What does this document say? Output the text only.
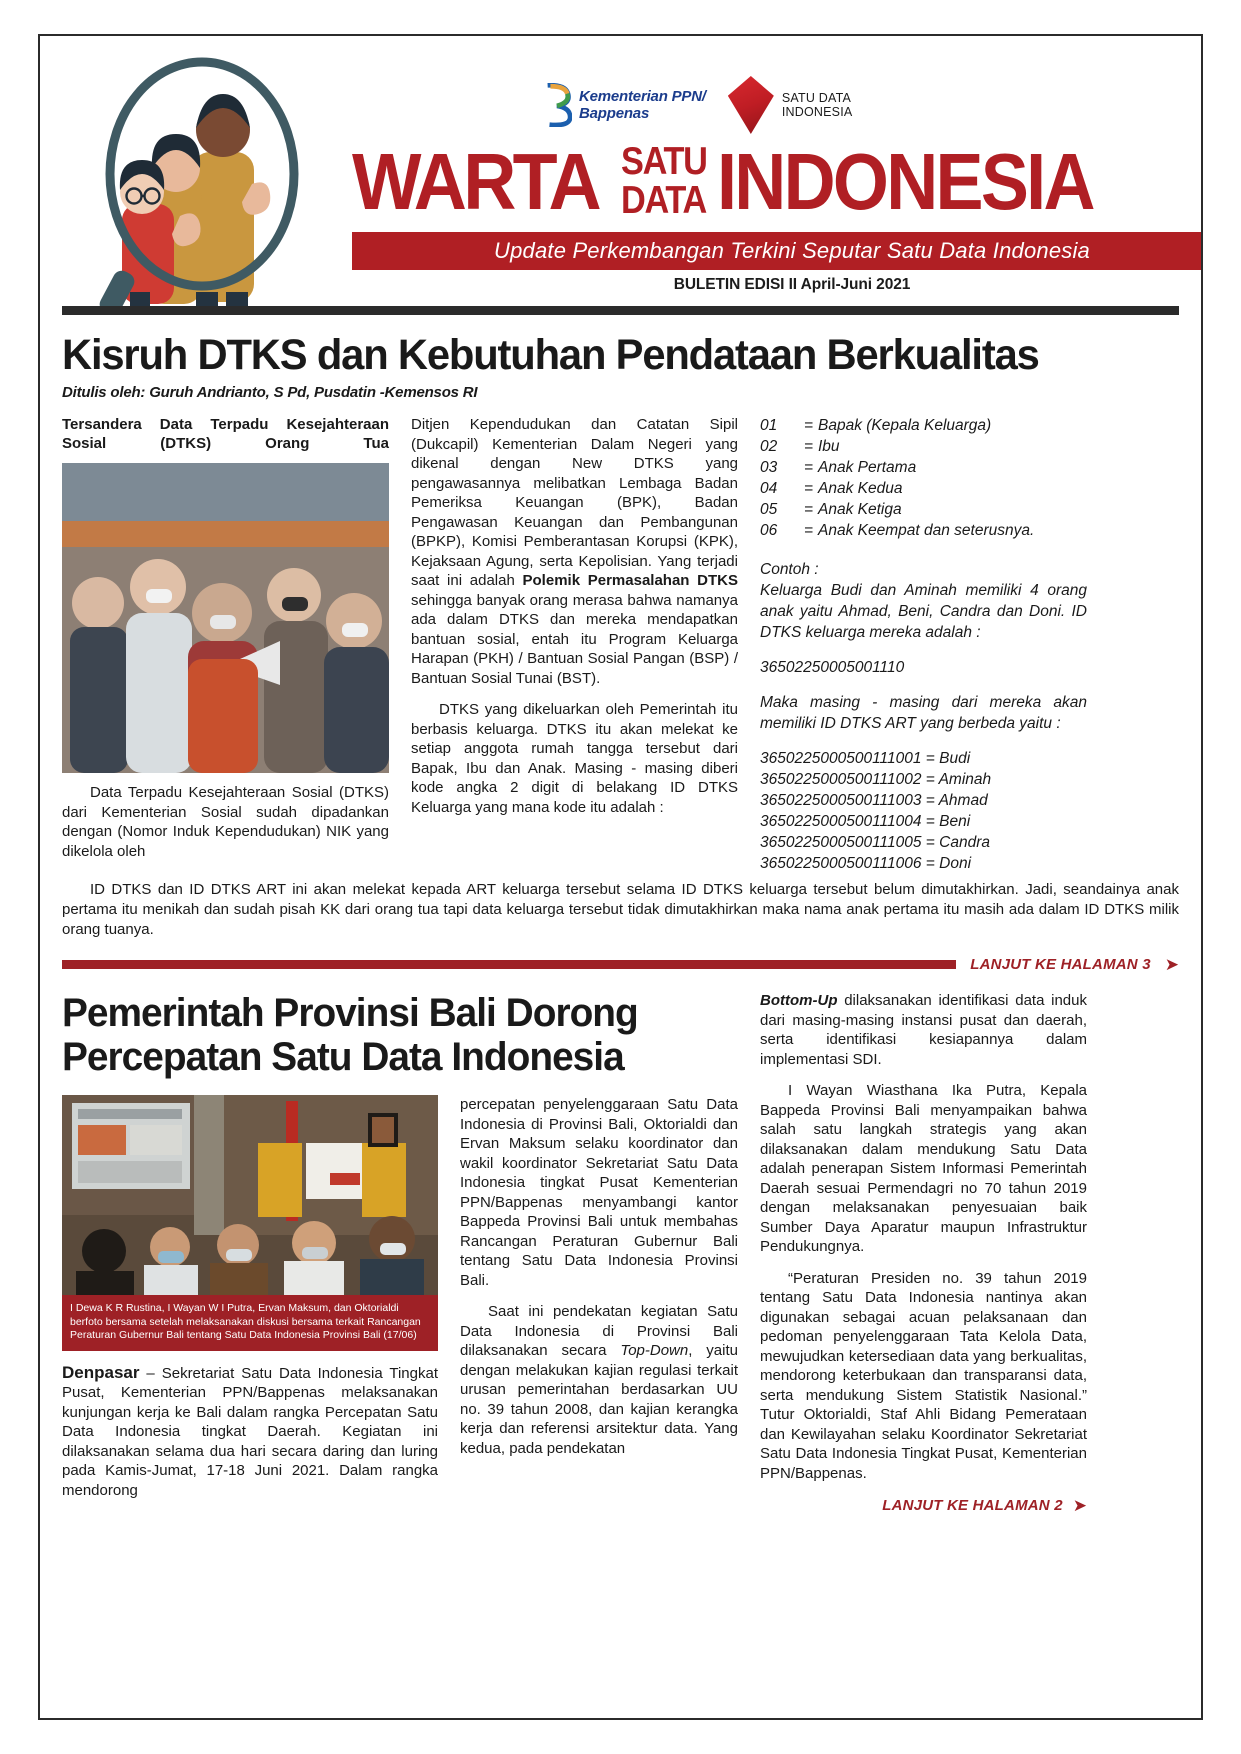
Kementerian PPN/
Bappenas
SATU DATA
INDONESIA
WARTA SATU
DATA INDONESIA
Update Perkembangan Terkini Seputar Satu Data Indonesia
BULETIN EDISI II April-Juni 2021
Kisruh DTKS dan Kebutuhan Pendataan Berkualitas
Ditulis oleh: Guruh Andrianto, S Pd, Pusdatin -Kemensos RI
Tersandera Data Terpadu Kesejahteraan Sosial (DTKS) Orang Tua

Data Terpadu Kesejahteraan Sosial (DTKS) dari Kementerian Sosial sudah dipadankan dengan (Nomor Induk Kependudukan) NIK yang dikelola oleh

Ditjen Kependudukan dan Catatan Sipil (Dukcapil) Kementerian Dalam Negeri yang dikenal dengan New DTKS yang pengawasannya melibatkan Lembaga Badan Pemeriksa Keuangan (BPK), Badan Pengawasan Keuangan dan Pembangunan (BPKP), Komisi Pemberantasan Korupsi (KPK), Kejaksaan Agung, serta Kepolisian. Yang terjadi saat ini adalah Polemik Permasalahan DTKS sehingga banyak orang merasa bahwa namanya ada dalam DTKS dan mereka mendapatkan bantuan sosial, entah itu Program Keluarga Harapan (PKH) / Bantuan Sosial Pangan (BSP) / Bantuan Sosial Tunai (BST).

DTKS yang dikeluarkan oleh Pemerintah itu berbasis keluarga. DTKS itu akan melekat ke setiap anggota rumah tangga tersebut dari Bapak, Ibu dan Anak. Masing - masing diberi kode angka 2 digit di belakang ID DTKS Keluarga yang mana kode itu adalah :

01	= Bapak (Kepala Keluarga)
02	= Ibu
03	= Anak Pertama
04	= Anak Kedua
05	= Anak Ketiga
06	= Anak Keempat dan seterusnya.
Contoh :

Keluarga Budi dan Aminah memiliki 4 orang anak yaitu Ahmad, Beni, Candra dan Doni. ID DTKS keluarga mereka adalah :

36502250005001110

Maka masing - masing dari mereka akan memiliki ID DTKS ART yang berbeda yaitu :

3650225000500111001 = Budi
3650225000500111002 = Aminah
3650225000500111003 = Ahmad
3650225000500111004 = Beni
3650225000500111005 = Candra
3650225000500111006 = Doni

ID DTKS dan ID DTKS ART ini akan melekat kepada ART keluarga tersebut selama ID DTKS keluarga tersebut belum dimutakhirkan. Jadi, seandainya anak pertama itu menikah dan sudah pisah KK dari orang tua tapi data keluarga tersebut tidak dimutakhirkan maka nama anak pertama itu masih ada dalam ID DTKS milik orang tuanya.

LANJUT KE HALAMAN 3 ➤
Pemerintah Provinsi Bali Dorong
Percepatan Satu Data Indonesia
I Dewa K R Rustina, I Wayan W I Putra, Ervan Maksum, dan Oktorialdi berfoto bersama setelah melaksanakan diskusi bersama terkait Rancangan Peraturan Gubernur Bali tentang Satu Data Indonesia Provinsi Bali (17/06)
Denpasar – Sekretariat Satu Data Indonesia Tingkat Pusat, Kementerian PPN/Bappenas melaksanakan kunjungan kerja ke Bali dalam rangka Percepatan Satu Data Indonesia tingkat Daerah. Kegiatan ini dilaksanakan selama dua hari secara daring dan luring pada Kamis-Jumat, 17-18 Juni 2021. Dalam rangka mendorong

percepatan penyelenggaraan Satu Data Indonesia di Provinsi Bali, Oktorialdi dan Ervan Maksum selaku koordinator dan wakil koordinator Sekretariat Satu Data Indonesia tingkat Pusat Kementerian PPN/Bappenas menyambangi kantor Bappeda Provinsi Bali untuk membahas Rancangan Peraturan Gubernur Bali tentang Satu Data Indonesia Provinsi Bali.

Saat ini pendekatan kegiatan Satu Data Indonesia di Provinsi Bali dilaksanakan secara Top-Down, yaitu dengan melakukan kajian regulasi terkait urusan pemerintahan berdasarkan UU no. 39 tahun 2008, dan kajian kerangka kerja dan referensi arsitektur data. Yang kedua, pada pendekatan

Bottom-Up dilaksanakan identifikasi data induk dari masing-masing instansi pusat dan daerah, serta identifikasi kesiapannya dalam implementasi SDI.

I Wayan Wiasthana Ika Putra, Kepala Bappeda Provinsi Bali menyampaikan bahwa salah satu langkah strategis yang akan dilaksanakan dalam mendukung Satu Data adalah penerapan Sistem Informasi Pemerintah Daerah sesuai Permendagri no 70 tahun 2019 dengan melaksanakan penyesuaian baik Sumber Daya Aparatur maupun Infrastruktur Pendukungnya.

“Peraturan Presiden no. 39 tahun 2019 tentang Satu Data Indonesia nantinya akan digunakan sebagai acuan pelaksanaan dan pedoman penyelenggaraan Tata Kelola Data, mewujudkan ketersediaan data yang berkualitas, mendorong keterbukaan dan transparansi data, serta mendukung Sistem Statistik Nasional.” Tutur Oktorialdi, Staf Ahli Bidang Pemerataan dan Kewilayahan selaku Koordinator Sekretariat Satu Data Indonesia Tingkat Pusat, Kementerian PPN/Bappenas.

LANJUT KE HALAMAN 2 ➤
